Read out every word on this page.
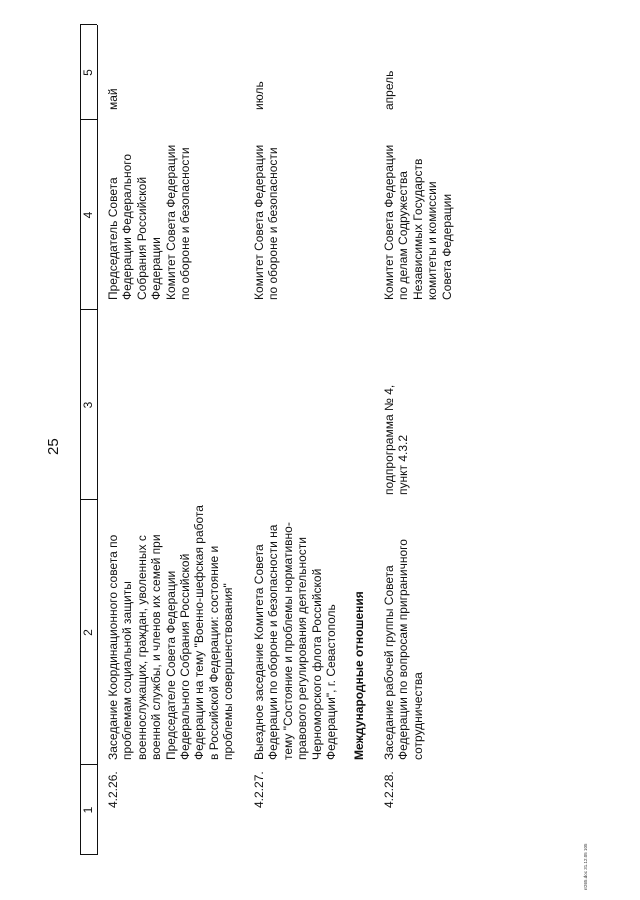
25
1
2
3
4
5
4.2.26.
Заседание Координационного совета по
проблемам социальной защиты
военнослужащих, граждан, уволенных с
военной службы, и членов их семей при
Председателе Совета Федерации
Федерального Собрания Российской
Федерации на тему "Военно-шефская работа
в Российской Федерации: состояние и
проблемы совершенствования"
Председатель Совета
Федерации Федерального
Собрания Российской
Федерации
Комитет Совета Федерации
по обороне и безопасности
май
4.2.27.
Выездное заседание Комитета Совета
Федерации по обороне и безопасности на
тему "Состояние и проблемы нормативно-
правового регулирования деятельности
Черноморского флота Российской
Федерации", г. Севастополь
Комитет Совета Федерации
по обороне и безопасности
июль
Международные отношения
4.2.28.
Заседание рабочей группы Совета
Федерации по вопросам приграничного
сотрудничества
подпрограмма № 4,
пункт 4.3.2
Комитет Совета Федерации
по делам Содружества
Независимых Государств
комитеты и комиссии
Совета Федерации
апрель
rr265.doc 31.12.05 105
